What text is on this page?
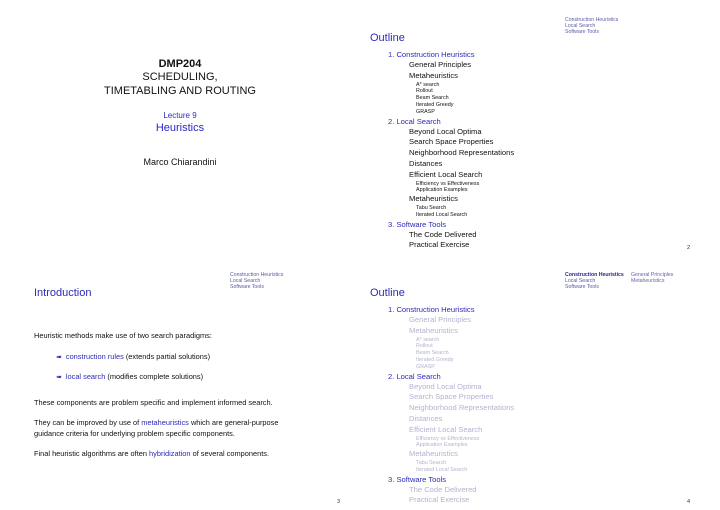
DMP204
SCHEDULING,
TIMETABLING AND ROUTING
Lecture 9
Heuristics
Marco Chiarandini
Construction Heuristics
Local Search
Software Tools
Outline
1. Construction Heuristics
General Principles
Metaheuristics
A* search
Rollout
Beam Search
Iterated Greedy
GRASP
2. Local Search
Beyond Local Optima
Search Space Properties
Neighborhood Representations
Distances
Efficient Local Search
Efficiency vs Effectiveness
Application Examples
Metaheuristics
Tabu Search
Iterated Local Search
3. Software Tools
The Code Delivered
Practical Exercise	2
Construction Heuristics
Local Search
Software Tools
Introduction
Heuristic methods make use of two search paradigms:
➠ construction rules (extends partial solutions)
➠ local search (modifies complete solutions)
These components are problem specific and implement informed search.
They can be improved by use of metaheuristics which are general-purpose
guidance criteria for underlying problem specific components.
Final heuristic algorithms are often hybridization of several components.
3
Construction Heuristics
Local Search
Software Tools
General Principles
Metaheuristics
Outline
1. Construction Heuristics
General Principles
Metaheuristics
A* search
Rollout
Beam Search
Iterated Greedy
GRASP
2. Local Search
Beyond Local Optima
Search Space Properties
Neighborhood Representations
Distances
Efficient Local Search
Efficiency vs Effectiveness
Application Examples
Metaheuristics
Tabu Search
Iterated Local Search
3. Software Tools
The Code Delivered
Practical Exercise	4
